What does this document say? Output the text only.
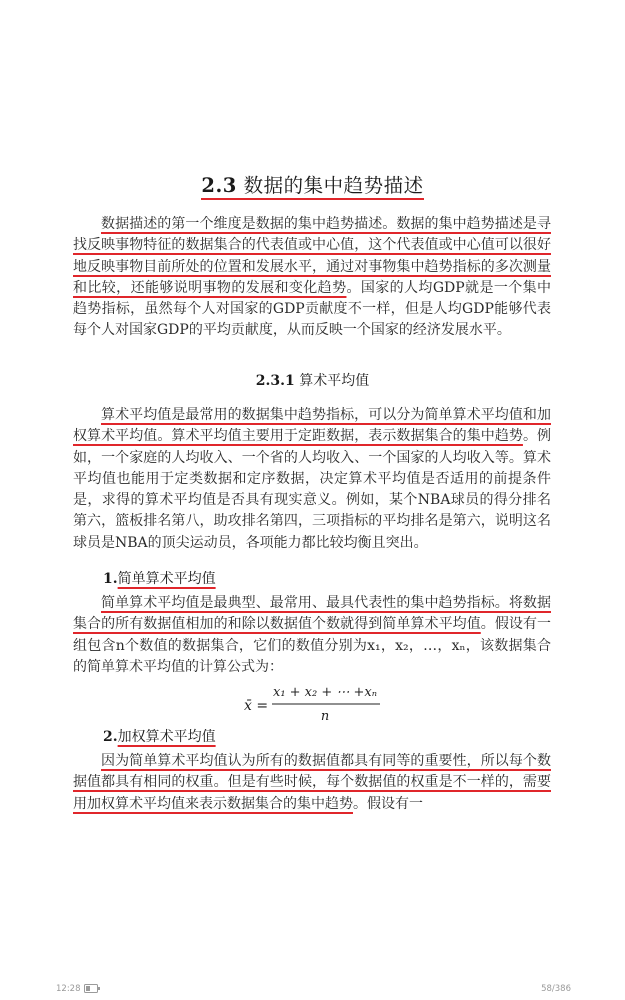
2.3 数据的集中趋势描述

数据描述的第一个维度是数据的集中趋势描述。数据的集中趋势描述是寻找反映事物特征的数据集合的代表值或中心值，这个代表值或中心值可以很好地反映事物目前所处的位置和发展水平，通过对事物集中趋势指标的多次测量和比较，还能够说明事物的发展和变化趋势。国家的人均GDP就是一个集中趋势指标，虽然每个人对国家的GDP贡献度不一样，但是人均GDP能够代表每个人对国家GDP的平均贡献度，从而反映一个国家的经济发展水平。

2.3.1 算术平均值

算术平均值是最常用的数据集中趋势指标，可以分为简单算术平均值和加权算术平均值。算术平均值主要用于定距数据，表示数据集合的集中趋势。例如，一个家庭的人均收入、一个省的人均收入、一个国家的人均收入等。算术平均值也能用于定类数据和定序数据，决定算术平均值是否适用的前提条件是，求得的算术平均值是否具有现实意义。例如，某个NBA球员的得分排名第六，篮板排名第八，助攻排名第四，三项指标的平均排名是第六，说明这名球员是NBA的顶尖运动员，各项能力都比较均衡且突出。

1.简单算术平均值

简单算术平均值是最典型、最常用、最具代表性的集中趋势指标。将数据集合的所有数据值相加的和除以数据值个数就得到简单算术平均值。假设有一组包含n个数值的数据集合，它们的数值分别为x₁，x₂，…，xₙ，该数据集合的简单算术平均值的计算公式为：

x̄ =
x₁ + x₂ + ⋯ +xₙ
n
2.加权算术平均值

因为简单算术平均值认为所有的数据值都具有同等的重要性，所以每个数据值都具有相同的权重。但是有些时候，每个数据值的权重是不一样的，需要用加权算术平均值来表示数据集合的集中趋势。假设有一

12:28	58/386
